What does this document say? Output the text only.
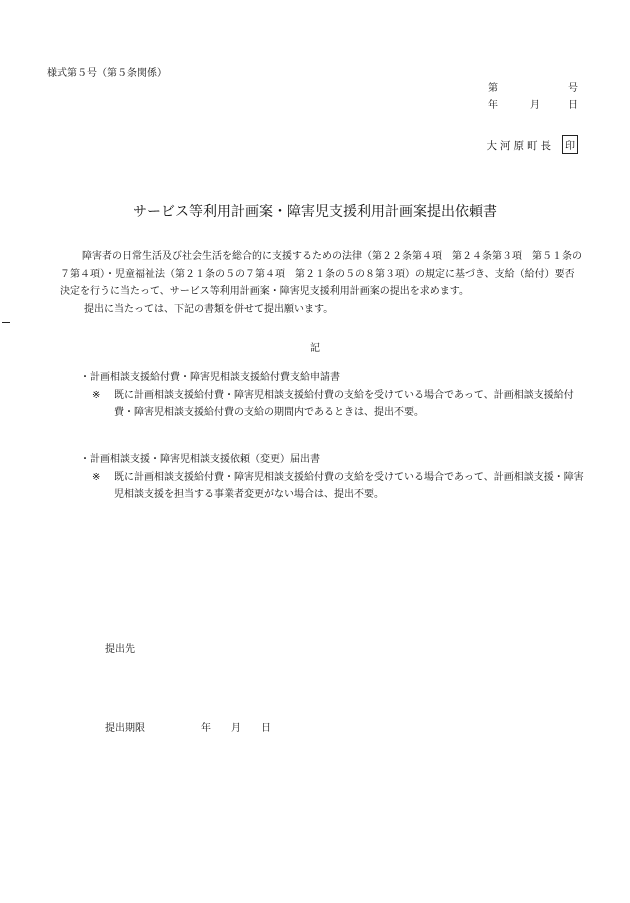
様式第５号（第５条関係）
第	号
年	月	日
大河原町長 印
サービス等利用計画案・障害児支援利用計画案提出依頼書

障害者の日常生活及び社会生活を総合的に支援するための法律（第２２条第４項　第２４条第３項　第５１条の７第４項）・児童福祉法（第２１条の５の７第４項　第２１条の５の８第３項）の規定に基づき、支給（給付）要否決定を行うに当たって、サービス等利用計画案・障害児支援利用計画案の提出を求めます。

提出に当たっては、下記の書類を併せて提出願います。

記
・計画相談支援給付費・障害児相談支援給付費支給申請書
※	既に計画相談支援給付費・障害児相談支援給付費の支給を受けている場合であって、計画相談支援給付費・障害児相談支援給付費の支給の期間内であるときは、提出不要。
・計画相談支援・障害児相談支援依頼（変更）届出書
※	既に計画相談支援給付費・障害児相談支援給付費の支給を受けている場合であって、計画相談支援・障害児相談支援を担当する事業者変更がない場合は、提出不要。
提出先
提出期限	年 月 日
